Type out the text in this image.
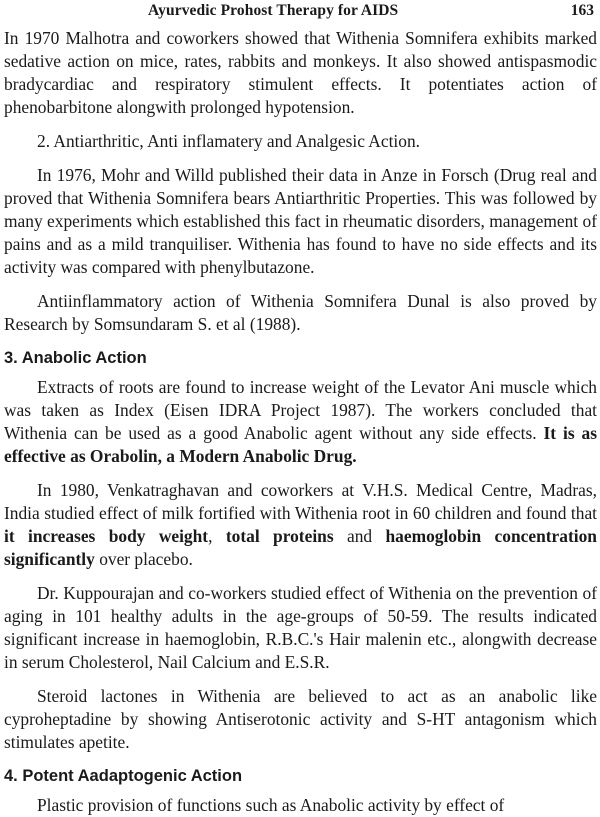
Ayurvedic Prohost Therapy for AIDS	163

In 1970 Malhotra and coworkers showed that Withenia Somnifera exhibits marked sedative action on mice, rates, rabbits and monkeys. It also showed antispasmodic bradycardiac and respiratory stimulent effects. It potentiates action of phenobarbitone alongwith prolonged hypotension.

2. Antiarthritic, Anti inflamatery and Analgesic Action.

In 1976, Mohr and Willd published their data in Anze in Forsch (Drug real and proved that Withenia Somnifera bears Antiarthritic Properties. This was followed by many experiments which established this fact in rheumatic disorders, management of pains and as a mild tranquiliser. Withenia has found to have no side effects and its activity was compared with phenylbutazone.

Antiinflammatory action of Withenia Somnifera Dunal is also proved by Research by Somsundaram S. et al (1988).

3. Anabolic Action

Extracts of roots are found to increase weight of the Levator Ani muscle which was taken as Index (Eisen IDRA Project 1987). The workers concluded that Withenia can be used as a good Anabolic agent without any side effects. It is as effective as Orabolin, a Modern Anabolic Drug.

In 1980, Venkatraghavan and coworkers at V.H.S. Medical Centre, Madras, India studied effect of milk fortified with Withenia root in 60 children and found that it increases body weight, total proteins and haemoglobin concentration significantly over placebo.

Dr. Kuppourajan and co-workers studied effect of Withenia on the prevention of aging in 101 healthy adults in the age-groups of 50-59. The results indicated significant increase in haemoglobin, R.B.C.'s Hair malenin etc., alongwith decrease in serum Cholesterol, Nail Calcium and E.S.R.

Steroid lactones in Withenia are believed to act as an anabolic like cyproheptadine by showing Antiserotonic activity and S-HT antagonism which stimulates apetite.

4. Potent Aadaptogenic Action

Plastic provision of functions such as Anabolic activity by effect of
